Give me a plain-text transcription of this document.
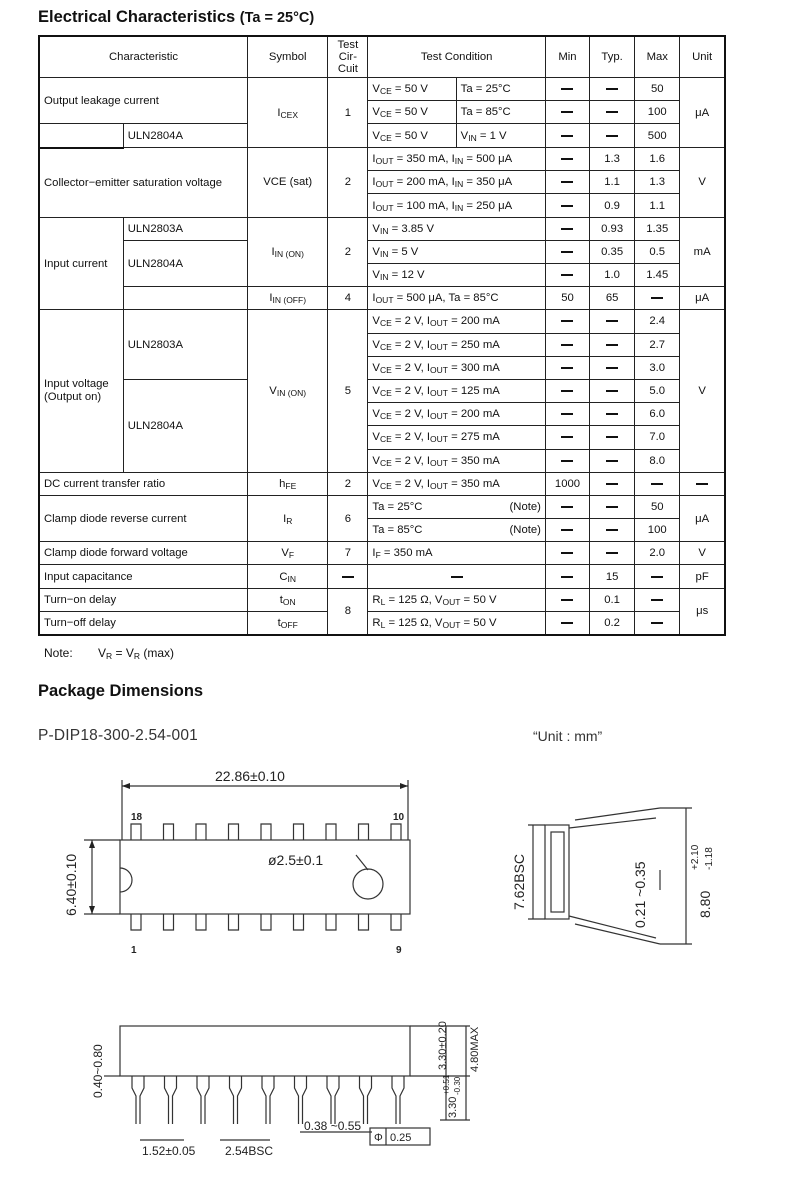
Electrical Characteristics (Ta = 25°C)
Characteristic		Symbol	Test
Cir-
Cuit	Test Condition		Min	Typ.	Max	Unit
Output leakage current		$I_{CEX}$	1	$V_{CE} = 50$ V	Ta = 25°C			50	μA
				$V_{CE} = 50$ V	Ta = 85°C			100	
	ULN2804A			$V_{CE} = 50$ V	$V_{IN} = 1$ V			500	
Collector−emitter saturation voltage		VCE (sat)	2	$I_{OUT} = 350$ mA, $I_{IN} = 500$ μA			1.3	1.6	V
				$I_{OUT} = 200$ mA, $I_{IN} = 350$ μA			1.1	1.3	
				$I_{OUT} = 100$ mA, $I_{IN} = 250$ μA			0.9	1.1	
Input current	ULN2803A	$I_{IN (ON)}$	2	$V_{IN} = 3.85$ V			0.93	1.35	mA
	ULN2804A			$V_{IN} = 5$ V			0.35	0.5	
				$V_{IN} = 12$ V			1.0	1.45	
		$I_{IN (OFF)}$	4	$I_{OUT} = 500$ μA, Ta = 85°C		50	65		μA
Input voltage
(Output on)	ULN2803A	$V_{IN (ON)}$	5	$V_{CE} = 2$ V, $I_{OUT} = 200$ mA				2.4	V
				$V_{CE} = 2$ V, $I_{OUT} = 250$ mA				2.7	
				$V_{CE} = 2$ V, $I_{OUT} = 300$ mA				3.0	
	ULN2804A			$V_{CE} = 2$ V, $I_{OUT} = 125$ mA				5.0	
				$V_{CE} = 2$ V, $I_{OUT} = 200$ mA				6.0	
				$V_{CE} = 2$ V, $I_{OUT} = 275$ mA				7.0	
				$V_{CE} = 2$ V, $I_{OUT} = 350$ mA				8.0	
DC current transfer ratio		$h_{FE}$	2	$V_{CE} = 2$ V, $I_{OUT} = 350$ mA		1000			
Clamp diode reverse current		$I_R$	6	Ta = 25°C (Note)				50	μA
				Ta = 85°C (Note)				100	
Clamp diode forward voltage		$V_F$	7	$I_F = 350$ mA				2.0	V
Input capacitance		$C_{IN}$					15		pF
Turn−on delay		$t_{ON}$	8	$R_L = 125$ Ω, $V_{OUT} = 50$ V			0.1		μs
Turn−off delay		$t_{OFF}$		$R_L = 125$ Ω, $V_{OUT} = 50$ V			0.2		
Note: $V_R = V_R$ (max)
Package Dimensions
P-DIP18-300-2.54-001	“Unit : mm”
22.86±0.10
6.40±0.10	ø2.5±0.1
18	10
1	9
7.62BSC	0.21 ~0.35	8.80
+2.10 -1.18
0.40~0.80	3.30±0.20 4.80MAX
3.30
+0.51 -0.30
1.52±0.05 2.54BSC
0.38 ~0.55
Φ 0.25
